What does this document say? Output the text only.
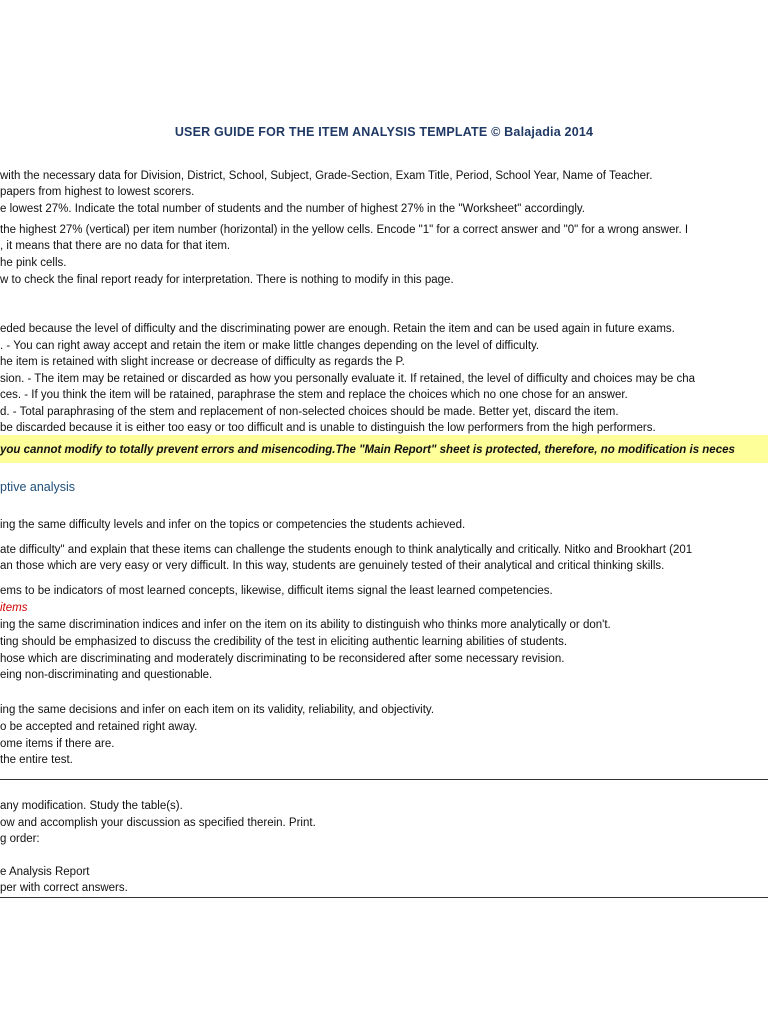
USER GUIDE FOR THE ITEM ANALYSIS TEMPLATE © Balajadia 2014
with the necessary data for Division, District, School, Subject, Grade-Section, Exam Title, Period, School Year, Name of Teacher.
papers from highest to lowest scorers.
e lowest 27%. Indicate the total number of students and the number of highest 27% in the "Worksheet" accordingly.
the highest 27% (vertical) per item number (horizontal) in the yellow cells. Encode "1" for a correct answer and "0" for a wrong answer. I
, it means that there are no data for that item.
he pink cells.
w to check the final report ready for interpretation. There is nothing to modify in this page.
eded because the level of difficulty and the discriminating power are enough. Retain the item and can be used again in future exams.
. - You can right away accept and retain the item or make little changes depending on the level of difficulty.
he item is retained with slight increase or decrease of difficulty as regards the P.
sion. - The item may be retained or discarded as how you personally evaluate it. If retained, the level of difficulty and choices may be cha
ces. - If you think the item will be ratained, paraphrase the stem and replace the choices which no one chose for an answer.
d. - Total paraphrasing of the stem and replacement of non-selected choices should be made. Better yet, discard the item.
be discarded because it is either too easy or too difficult and is unable to distinguish the low performers from the high performers.
you cannot modify to totally prevent errors and misencoding.The "Main Report" sheet is protected, therefore, no modification is neces
ptive analysis
ing the same difficulty levels and infer on the topics or competencies the students achieved.
ate difficulty" and explain that these items can challenge the students enough to think analytically and critically. Nitko and Brookhart (201
an those which are very easy or very difficult. In this way, students are genuinely tested of their analytical and critical thinking skills.
ems to be indicators of most learned concepts, likewise, difficult items signal the least learned competencies.
items
ing the same discrimination indices and infer on the item on its ability to distinguish who thinks more analytically or don't.
ting should be emphasized to discuss the credibility of the test in eliciting authentic learning abilities of students.
hose which are discriminating and moderately discriminating to be reconsidered after some necessary revision.
eing non-discriminating and questionable.
ing the same decisions and infer on each item on its validity, reliability, and objectivity.
o be accepted and retained right away.
ome items if there are.
the entire test.
any modification. Study the table(s).
ow and accomplish your discussion as specified therein. Print.
g order:
e Analysis Report
per with correct answers.
